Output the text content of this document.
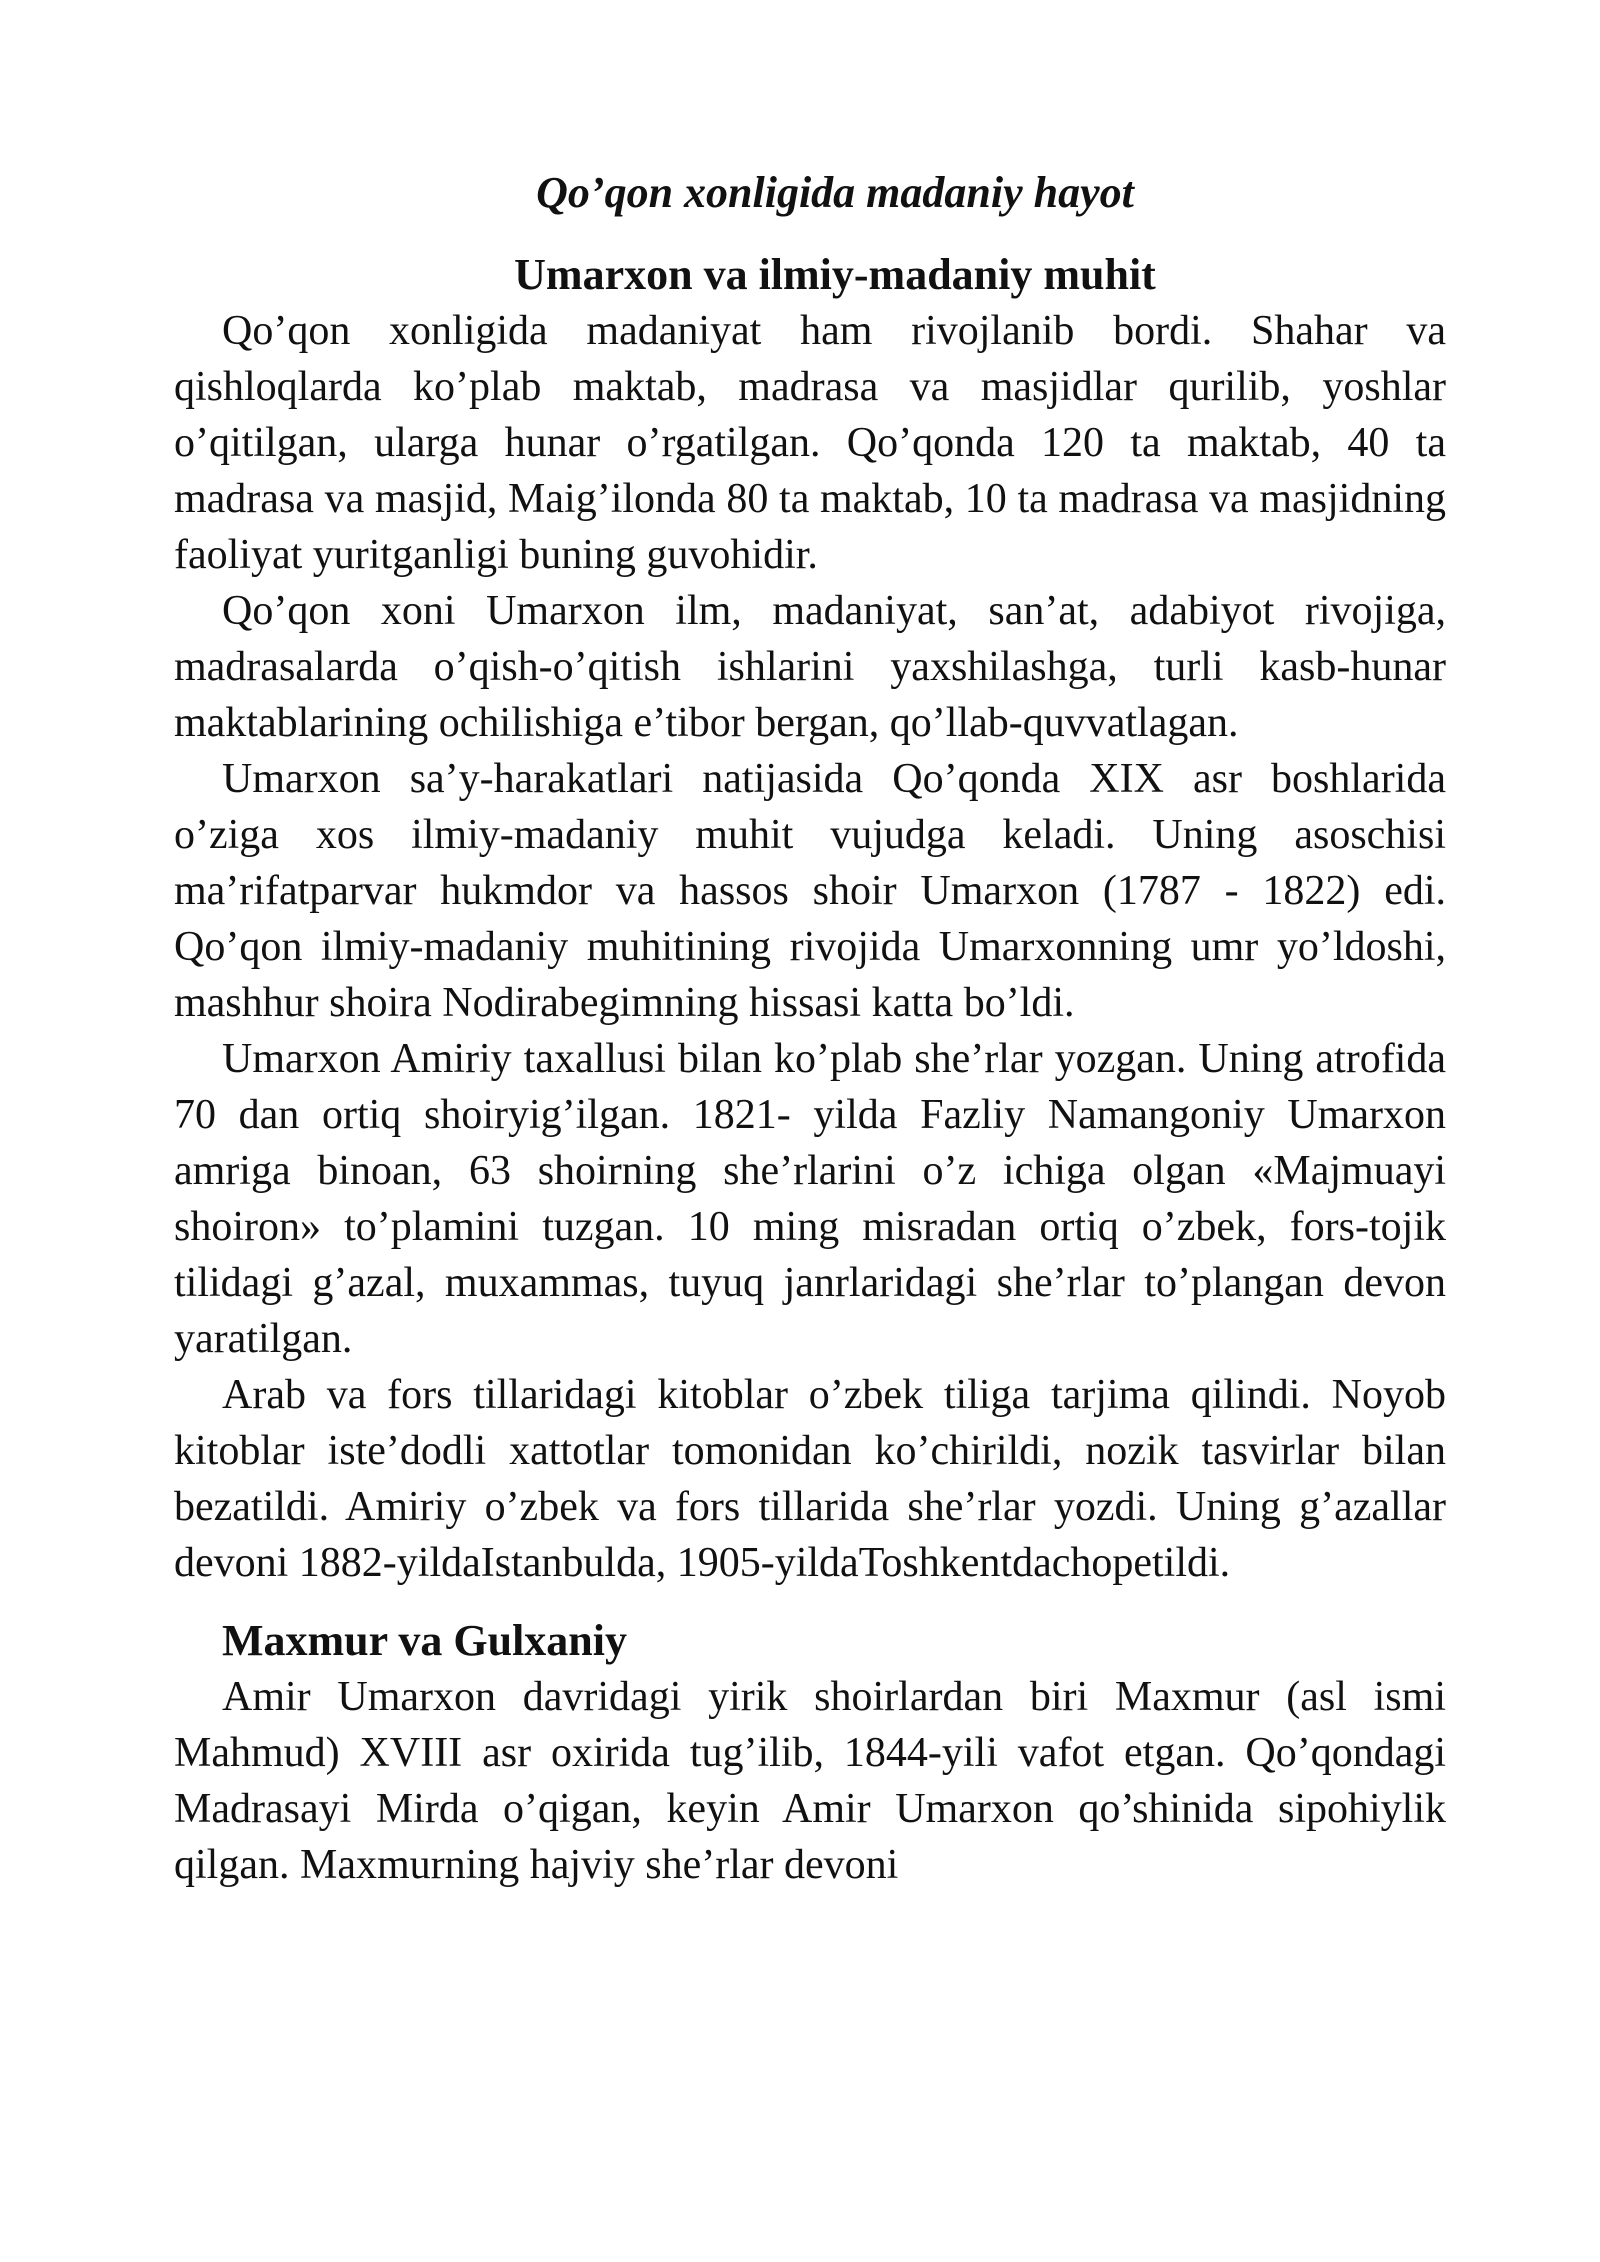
Qo’qon xonligida madaniy hayot
Umarxon va ilmiy-madaniy muhit

Qo’qon xonligida madaniyat ham rivojlanib bordi. Shahar va qishloqlarda ko’plab maktab, madrasa va masjidlar qurilib, yoshlar o’qitilgan, ularga hunar o’rgatilgan. Qo’qonda 120 ta maktab, 40 ta madrasa va masjid, Maig’ilonda 80 ta maktab, 10 ta madrasa va masjidning faoliyat yuritganligi buning guvohidir.

Qo’qon xoni Umarxon ilm, madaniyat, san’at, adabiyot rivojiga, madrasalarda o’qish-o’qitish ishlarini yaxshilashga, turli kasb-hunar maktablarining ochilishiga e’tibor bergan, qo’llab-quvvatlagan.

Umarxon sa’y-harakatlari natijasida Qo’qonda XIX asr boshlarida o’ziga xos ilmiy-madaniy muhit vujudga keladi. Uning asoschisi ma’rifatparvar hukmdor va hassos shoir Umarxon (1787 - 1822) edi. Qo’qon ilmiy-madaniy muhitining rivojida Umarxonning umr yo’ldoshi, mashhur shoira Nodirabegimning hissasi katta bo’ldi.

Umarxon Amiriy taxallusi bilan ko’plab she’rlar yozgan. Uning atrofida 70 dan ortiq shoiryig’ilgan. 1821- yilda Fazliy Namangoniy Umarxon amriga binoan, 63 shoirning she’rlarini o’z ichiga olgan «Majmuayi shoiron» to’plamini tuzgan. 10 ming misradan ortiq o’zbek, fors-tojik tilidagi g’azal, muxammas, tuyuq janrlaridagi she’rlar to’plangan devon yaratilgan.

Arab va fors tillaridagi kitoblar o’zbek tiliga tarjima qilindi. Noyob kitoblar iste’dodli xattotlar tomonidan ko’chirildi, nozik tasvirlar bilan bezatildi. Amiriy o’zbek va fors tillarida she’rlar yozdi. Uning g’azallar devoni 1882-yildaIstanbulda, 1905-yildaToshkentdachopetildi.

Maxmur va Gulxaniy

Amir Umarxon davridagi yirik shoirlardan biri Maxmur (asl ismi Mahmud) XVIII asr oxirida tug’ilib, 1844-yili vafot etgan. Qo’qondagi Madrasayi Mirda o’qigan, keyin Amir Umarxon qo’shinida sipohiylik qilgan. Maxmurning hajviy she’rlar devoni
